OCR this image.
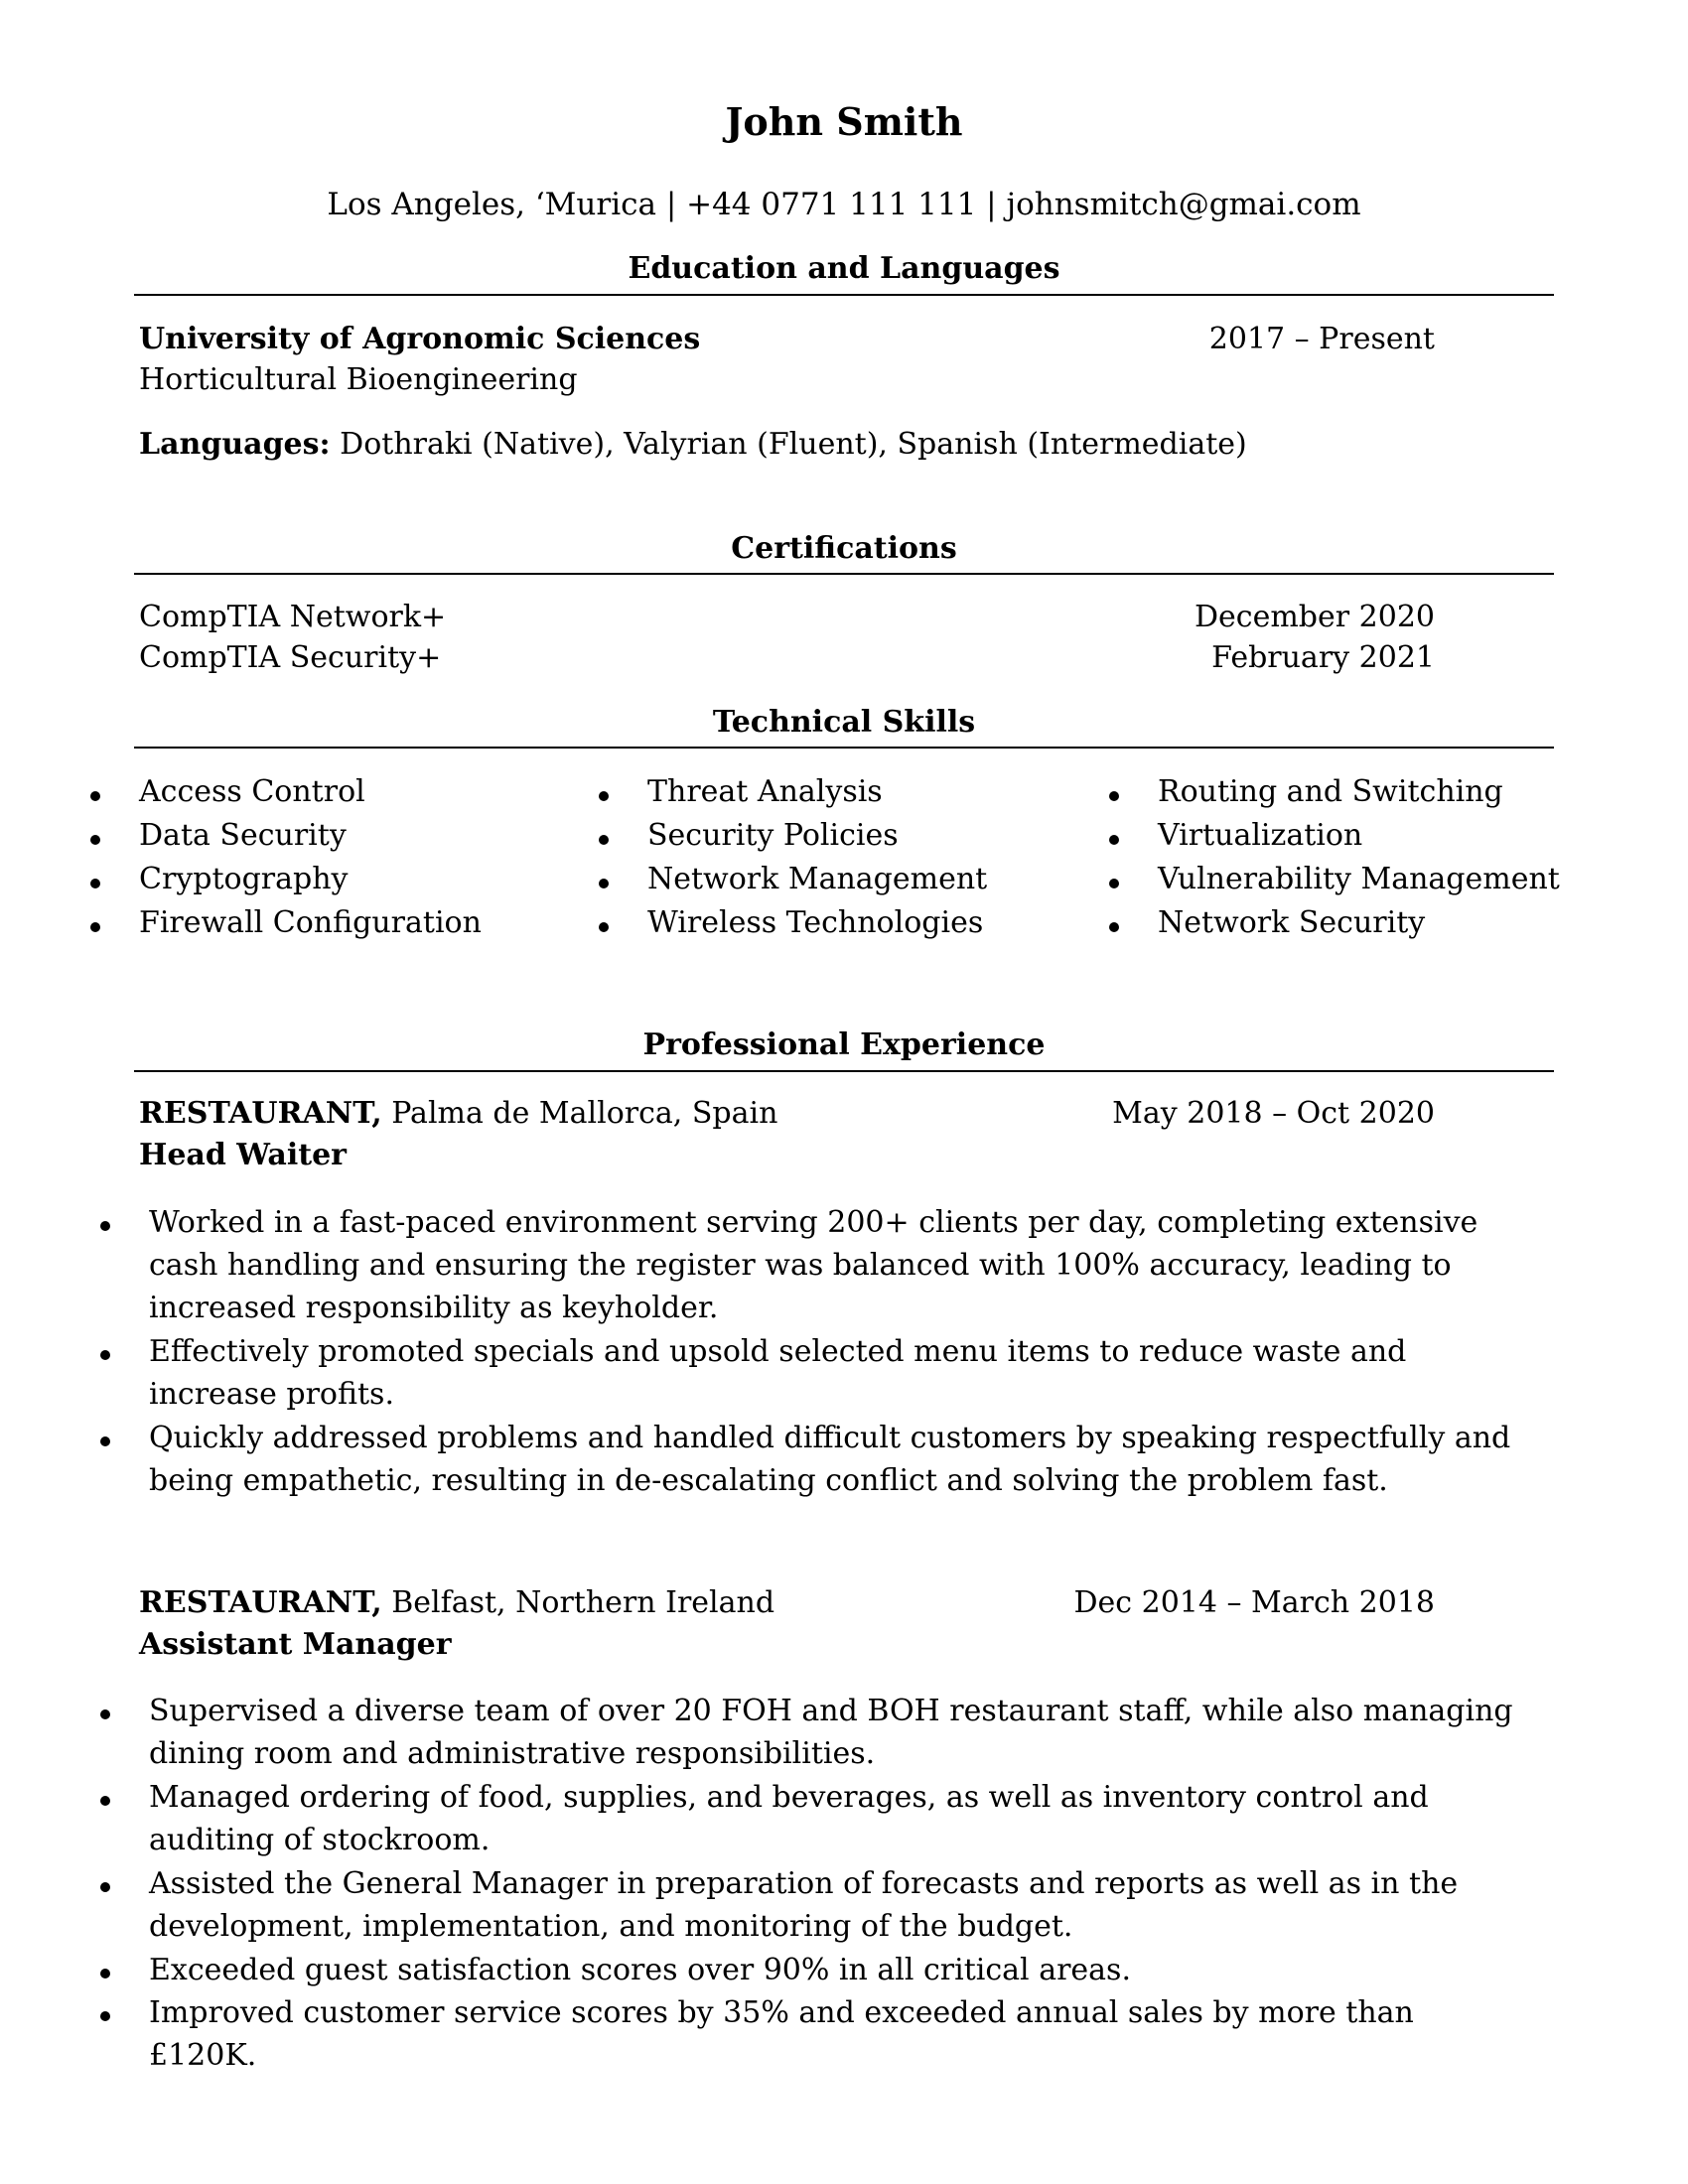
John Smith
Los Angeles, ‘Murica | +44 0771 111 111 | johnsmitch@gmai.com
Education and Languages
University of Agronomic Sciences	2017 – Present
Horticultural Bioengineering
Languages: Dothraki (Native), Valyrian (Fluent), Spanish (Intermediate)
Certifications
CompTIA Network+	December 2020
CompTIA Security+	February 2021
Technical Skills
Access Control
Data Security
Cryptography
Firewall Configuration
Threat Analysis
Security Policies
Network Management
Wireless Technologies
Routing and Switching
Virtualization
Vulnerability Management
Network Security
Professional Experience
RESTAURANT, Palma de Mallorca, Spain	May 2018 – Oct 2020
Head Waiter
Worked in a fast-paced environment serving 200+ clients per day, completing extensive cash handling and ensuring the register was balanced with 100% accuracy, leading to increased responsibility as keyholder.
Effectively promoted specials and upsold selected menu items to reduce waste and increase profits.
Quickly addressed problems and handled difficult customers by speaking respectfully and being empathetic, resulting in de-escalating conflict and solving the problem fast.
RESTAURANT, Belfast, Northern Ireland	Dec 2014 – March 2018
Assistant Manager
Supervised a diverse team of over 20 FOH and BOH restaurant staff, while also managing dining room and administrative responsibilities.
Managed ordering of food, supplies, and beverages, as well as inventory control and auditing of stockroom.
Assisted the General Manager in preparation of forecasts and reports as well as in the development, implementation, and monitoring of the budget.
Exceeded guest satisfaction scores over 90% in all critical areas.
Improved customer service scores by 35% and exceeded annual sales by more than £120K.
